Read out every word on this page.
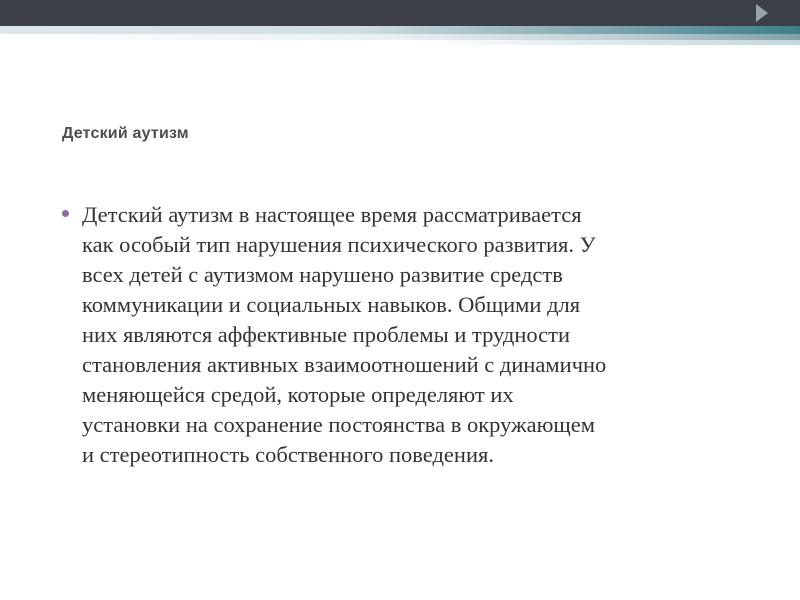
Детский аутизм
Детский аутизм в настоящее время рассматривается
как особый тип нарушения психического развития. У
всех детей с аутизмом нарушено развитие средств
коммуникации и социальных навыков. Общими для
них являются аффективные проблемы и трудности
становления активных взаимоотношений с динамично
меняющейся средой, которые определяют их
установки на сохранение постоянства в окружающем
и стереотипность собственного поведения.
